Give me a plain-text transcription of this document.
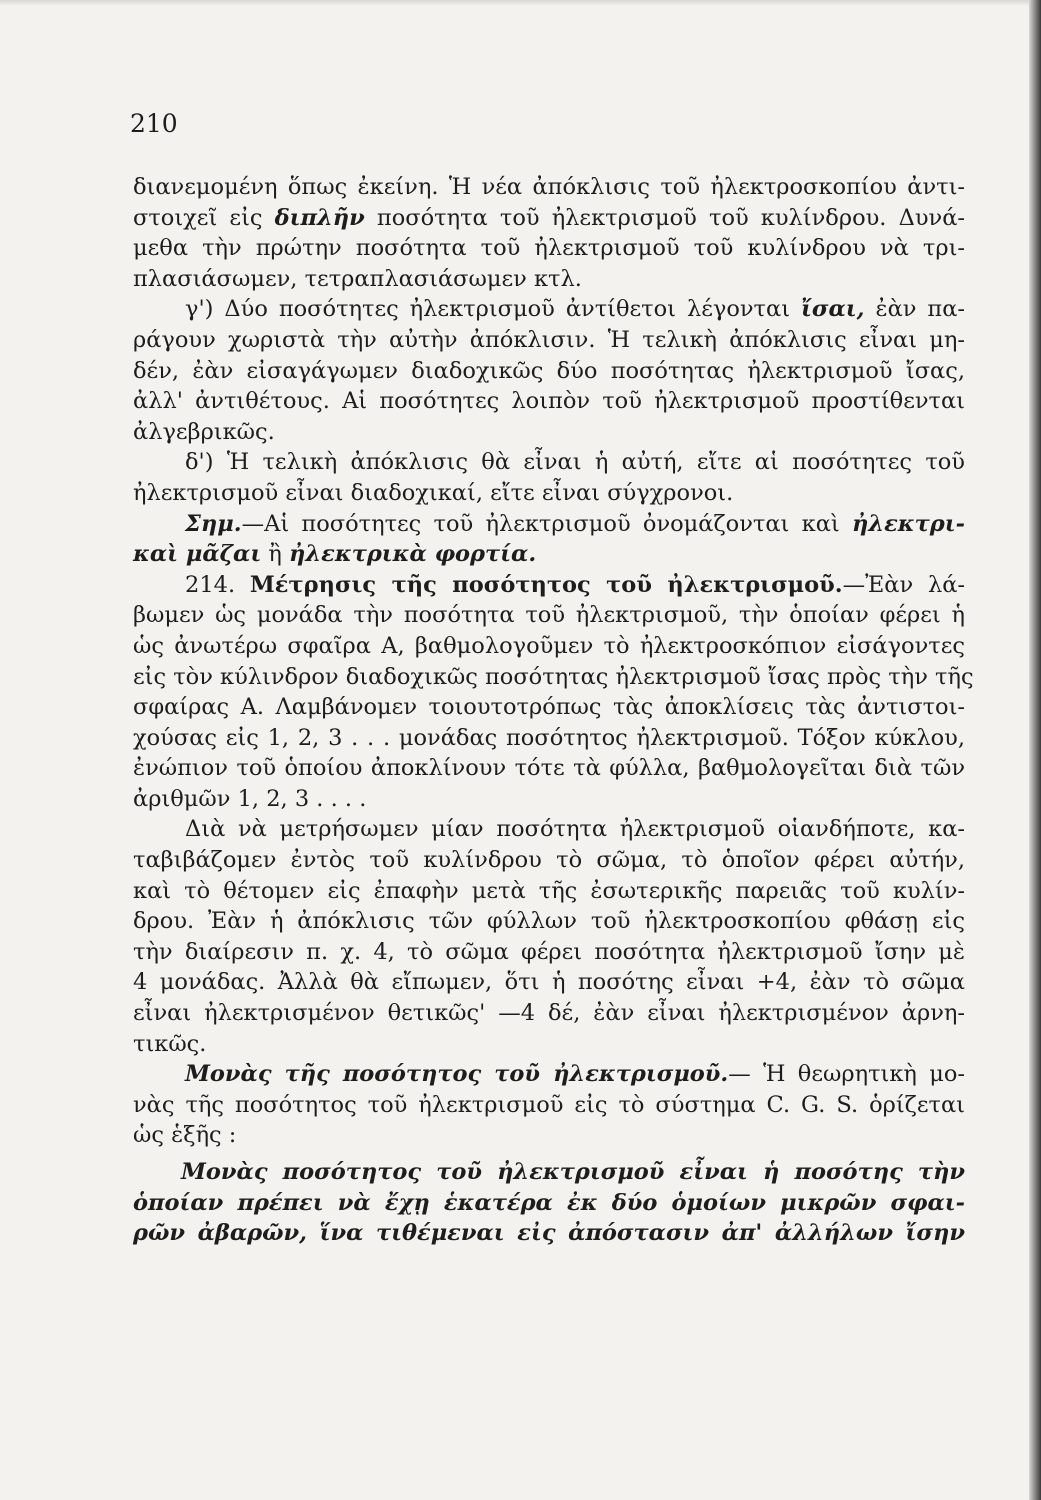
210
διανεμομένη ὅπως ἐκείνη. Ἡ νέα ἀπόκλισις τοῦ ἠλεκτροσκοπίου ἀντι-
στοιχεῖ εἰς διπλῆν ποσότητα τοῦ ἠλεκτρισμοῦ τοῦ κυλίνδρου. Δυνά-
μεθα τὴν πρώτην ποσότητα τοῦ ἠλεκτρισμοῦ τοῦ κυλίνδρου νὰ τρι-
πλασιάσωμεν, τετραπλασιάσωμεν κτλ.
γ') Δύο ποσότητες ἠλεκτρισμοῦ ἀντίθετοι λέγονται ἴσαι, ἐὰν πα-
ράγουν χωριστὰ τὴν αὐτὴν ἀπόκλισιν. Ἡ τελικὴ ἀπόκλισις εἶναι μη-
δέν, ἐὰν εἰσαγάγωμεν διαδοχικῶς δύο ποσότητας ἠλεκτρισμοῦ ἴσας,
ἀλλ' ἀντιθέτους. Αἱ ποσότητες λοιπὸν τοῦ ἠλεκτρισμοῦ προστίθενται
ἀλγεβρικῶς.
δ') Ἡ τελικὴ ἀπόκλισις θὰ εἶναι ἡ αὐτή, εἴτε αἱ ποσότητες τοῦ
ἠλεκτρισμοῦ εἶναι διαδοχικαί, εἴτε εἶναι σύγχρονοι.
Σημ.—Αἱ ποσότητες τοῦ ἠλεκτρισμοῦ ὀνομάζονται καὶ ἠλεκτρι-
καὶ μᾶζαι ἢ ἠλεκτρικὰ φορτία.
214. Μέτρησις τῆς ποσότητος τοῦ ἠλεκτρισμοῦ.—Ἐὰν λά-
βωμεν ὡς μονάδα τὴν ποσότητα τοῦ ἠλεκτρισμοῦ, τὴν ὁποίαν φέρει ἡ
ὡς ἀνωτέρω σφαῖρα Α, βαθμολογοῦμεν τὸ ἠλεκτροσκόπιον εἰσάγοντες
εἰς τὸν κύλινδρον διαδοχικῶς ποσότητας ἠλεκτρισμοῦ ἴσας πρὸς τὴν τῆς
σφαίρας Α. Λαμβάνομεν τοιουτοτρόπως τὰς ἀποκλίσεις τὰς ἀντιστοι-
χούσας εἰς 1, 2, 3 . . . μονάδας ποσότητος ἠλεκτρισμοῦ. Τόξον κύκλου,
ἐνώπιον τοῦ ὁποίου ἀποκλίνουν τότε τὰ φύλλα, βαθμολογεῖται διὰ τῶν
ἀριθμῶν 1, 2, 3 . . . .
Διὰ νὰ μετρήσωμεν μίαν ποσότητα ἠλεκτρισμοῦ οἱανδήποτε, κα-
ταβιβάζομεν ἐντὸς τοῦ κυλίνδρου τὸ σῶμα, τὸ ὁποῖον φέρει αὐτήν,
καὶ τὸ θέτομεν εἰς ἐπαφὴν μετὰ τῆς ἐσωτερικῆς παρειᾶς τοῦ κυλίν-
δρου. Ἐὰν ἡ ἀπόκλισις τῶν φύλλων τοῦ ἠλεκτροσκοπίου φθάσῃ εἰς
τὴν διαίρεσιν π. χ. 4, τὸ σῶμα φέρει ποσότητα ἠλεκτρισμοῦ ἴσην μὲ
4 μονάδας. Ἀλλὰ θὰ εἴπωμεν, ὅτι ἡ ποσότης εἶναι +4, ἐὰν τὸ σῶμα
εἶναι ἠλεκτρισμένον θετικῶς' —4 δέ, ἐὰν εἶναι ἠλεκτρισμένον ἀρνη-
τικῶς.
Μονὰς τῆς ποσότητος τοῦ ἠλεκτρισμοῦ.— Ἡ θεωρητικὴ μο-
νὰς τῆς ποσότητος τοῦ ἠλεκτρισμοῦ εἰς τὸ σύστημα C. G. S. ὁρίζεται
ὡς ἑξῆς :
Μονὰς ποσότητος τοῦ ἠλεκτρισμοῦ εἶναι ἡ ποσότης τὴν
ὁποίαν πρέπει νὰ ἔχῃ ἑκατέρα ἐκ δύο ὁμοίων μικρῶν σφαι-
ρῶν ἀβαρῶν, ἵνα τιθέμεναι εἰς ἀπόστασιν ἀπ' ἀλλήλων ἴσην
